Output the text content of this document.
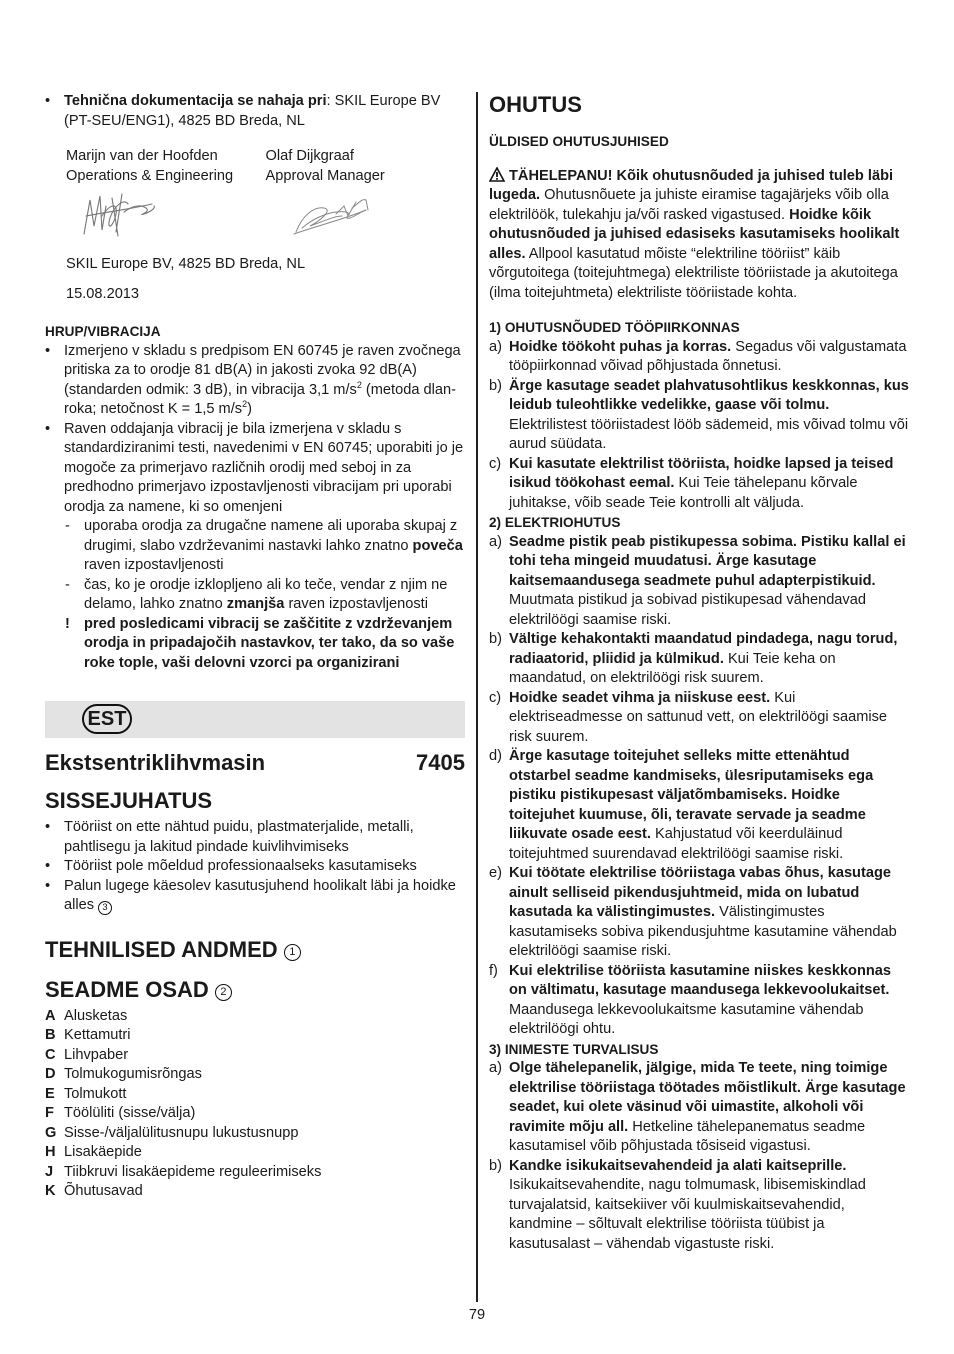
• Tehnična dokumentacija se nahaja pri: SKIL Europe BV (PT-SEU/ENG1), 4825 BD Breda, NL
Marijn van der Hoofden
Operations & Engineering
Olaf Dijkgraaf
Approval Manager
SKIL Europe BV, 4825 BD Breda, NL
15.08.2013
HRUP/VIBRACIJA
• Izmerjeno v skladu s predpisom EN 60745 je raven zvočnega pritiska za to orodje 81 dB(A) in jakosti zvoka 92 dB(A) (standarden odmik: 3 dB), in vibracija 3,1 $m/s^2$ (metoda dlan-roka; netočnost K = 1,5 $m/s^2$)
• Raven oddajanja vibracij je bila izmerjena v skladu s standardiziranimi testi, navedenimi v EN 60745; uporabiti jo je mogoče za primerjavo različnih orodij med seboj in za predhodno primerjavo izpostavljenosti vibracijam pri uporabi orodja za namene, ki so omenjeni
- uporaba orodja za drugačne namene ali uporaba skupaj z drugimi, slabo vzdrževanimi nastavki lahko znatno poveča raven izpostavljenosti
- čas, ko je orodje izklopljeno ali ko teče, vendar z njim ne delamo, lahko znatno zmanjša raven izpostavljenosti
! pred posledicami vibracij se zaščitite z vzdrževanjem orodja in pripadajočih nastavkov, ter tako, da so vaše roke tople, vaši delovni vzorci pa organizirani
EST
Ekstsentriklihvmasin	7405
SISSEJUHATUS
• Tööriist on ette nähtud puidu, plastmaterjalide, metalli, pahtlisegu ja lakitud pindade kuivlihvimiseks
• Tööriist pole mõeldud professionaalseks kasutamiseks
• Palun lugege käesolev kasutusjuhend hoolikalt läbi ja hoidke alles 3
TEHNILISED ANDMED 1
SEADME OSAD 2
A Alusketas
B Kettamutri
C Lihvpaber
D Tolmukogumisrõngas
E Tolmukott
F Töölüliti (sisse/välja)
G Sisse-/väljalülitusnupu lukustusnupp
H Lisakäepide
J Tiibkruvi lisakäepideme reguleerimiseks
K Õhutusavad
OHUTUS
ÜLDISED OHUTUSJUHISED
TÄHELEPANU! Kõik ohutusnõuded ja juhised tuleb läbi lugeda. Ohutusnõuete ja juhiste eiramise tagajärjeks võib olla elektrilöök, tulekahju ja/või rasked vigastused. Hoidke kõik ohutusnõuded ja juhised edasiseks kasutamiseks hoolikalt alles. Allpool kasutatud mõiste “elektriline tööriist” käib võrgutoitega (toitejuhtmega) elektriliste tööriistade ja akutoitega (ilma toitejuhtmeta) elektriliste tööriistade kohta.
1) OHUTUSNÕUDED TÖÖPIIRKONNAS
a) Hoidke töökoht puhas ja korras. Segadus või valgustamata tööpiirkonnad võivad põhjustada õnnetusi.
b) Ärge kasutage seadet plahvatusohtlikus keskkonnas, kus leidub tuleohtlikke vedelikke, gaase või tolmu. Elektrilistest tööriistadest lööb sädemeid, mis võivad tolmu või aurud süüdata.
c) Kui kasutate elektrilist tööriista, hoidke lapsed ja teised isikud töökohast eemal. Kui Teie tähelepanu kõrvale juhitakse, võib seade Teie kontrolli alt väljuda.
2) ELEKTRIOHUTUS
a) Seadme pistik peab pistikupessa sobima. Pistiku kallal ei tohi teha mingeid muudatusi. Ärge kasutage kaitsemaandusega seadmete puhul adapterpistikuid. Muutmata pistikud ja sobivad pistikupesad vähendavad elektrilöögi saamise riski.
b) Vältige kehakontakti maandatud pindadega, nagu torud, radiaatorid, pliidid ja külmikud. Kui Teie keha on maandatud, on elektrilöögi risk suurem.
c) Hoidke seadet vihma ja niiskuse eest. Kui elektriseadmesse on sattunud vett, on elektrilöögi saamise risk suurem.
d) Ärge kasutage toitejuhet selleks mitte ettenähtud otstarbel seadme kandmiseks, ülesriputamiseks ega pistiku pistikupesast väljatõmbamiseks. Hoidke toitejuhet kuumuse, õli, teravate servade ja seadme liikuvate osade eest. Kahjustatud või keerduläinud toitejuhtmed suurendavad elektrilöögi saamise riski.
e) Kui töötate elektrilise tööriistaga vabas õhus, kasutage ainult selliseid pikendusjuhtmeid, mida on lubatud kasutada ka välistingimustes. Välistingimustes kasutamiseks sobiva pikendusjuhtme kasutamine vähendab elektrilöögi saamise riski.
f) Kui elektrilise tööriista kasutamine niiskes keskkonnas on vältimatu, kasutage maandusega lekkevoolukaitset. Maandusega lekkevoolukaitsme kasutamine vähendab elektrilöögi ohtu.
3) INIMESTE TURVALISUS
a) Olge tähelepanelik, jälgige, mida Te teete, ning toimige elektrilise tööriistaga töötades mõistlikult. Ärge kasutage seadet, kui olete väsinud või uimastite, alkoholi või ravimite mõju all. Hetkeline tähelepanematus seadme kasutamisel võib põhjustada tõsiseid vigastusi.
b) Kandke isikukaitsevahendeid ja alati kaitseprille. Isikukaitsevahendite, nagu tolmumask, libisemiskindlad turvajalatsid, kaitsekiiver või kuulmiskaitsevahendid, kandmine – sõltuvalt elektrilise tööriista tüübist ja kasutusalast – vähendab vigastuste riski.
79
